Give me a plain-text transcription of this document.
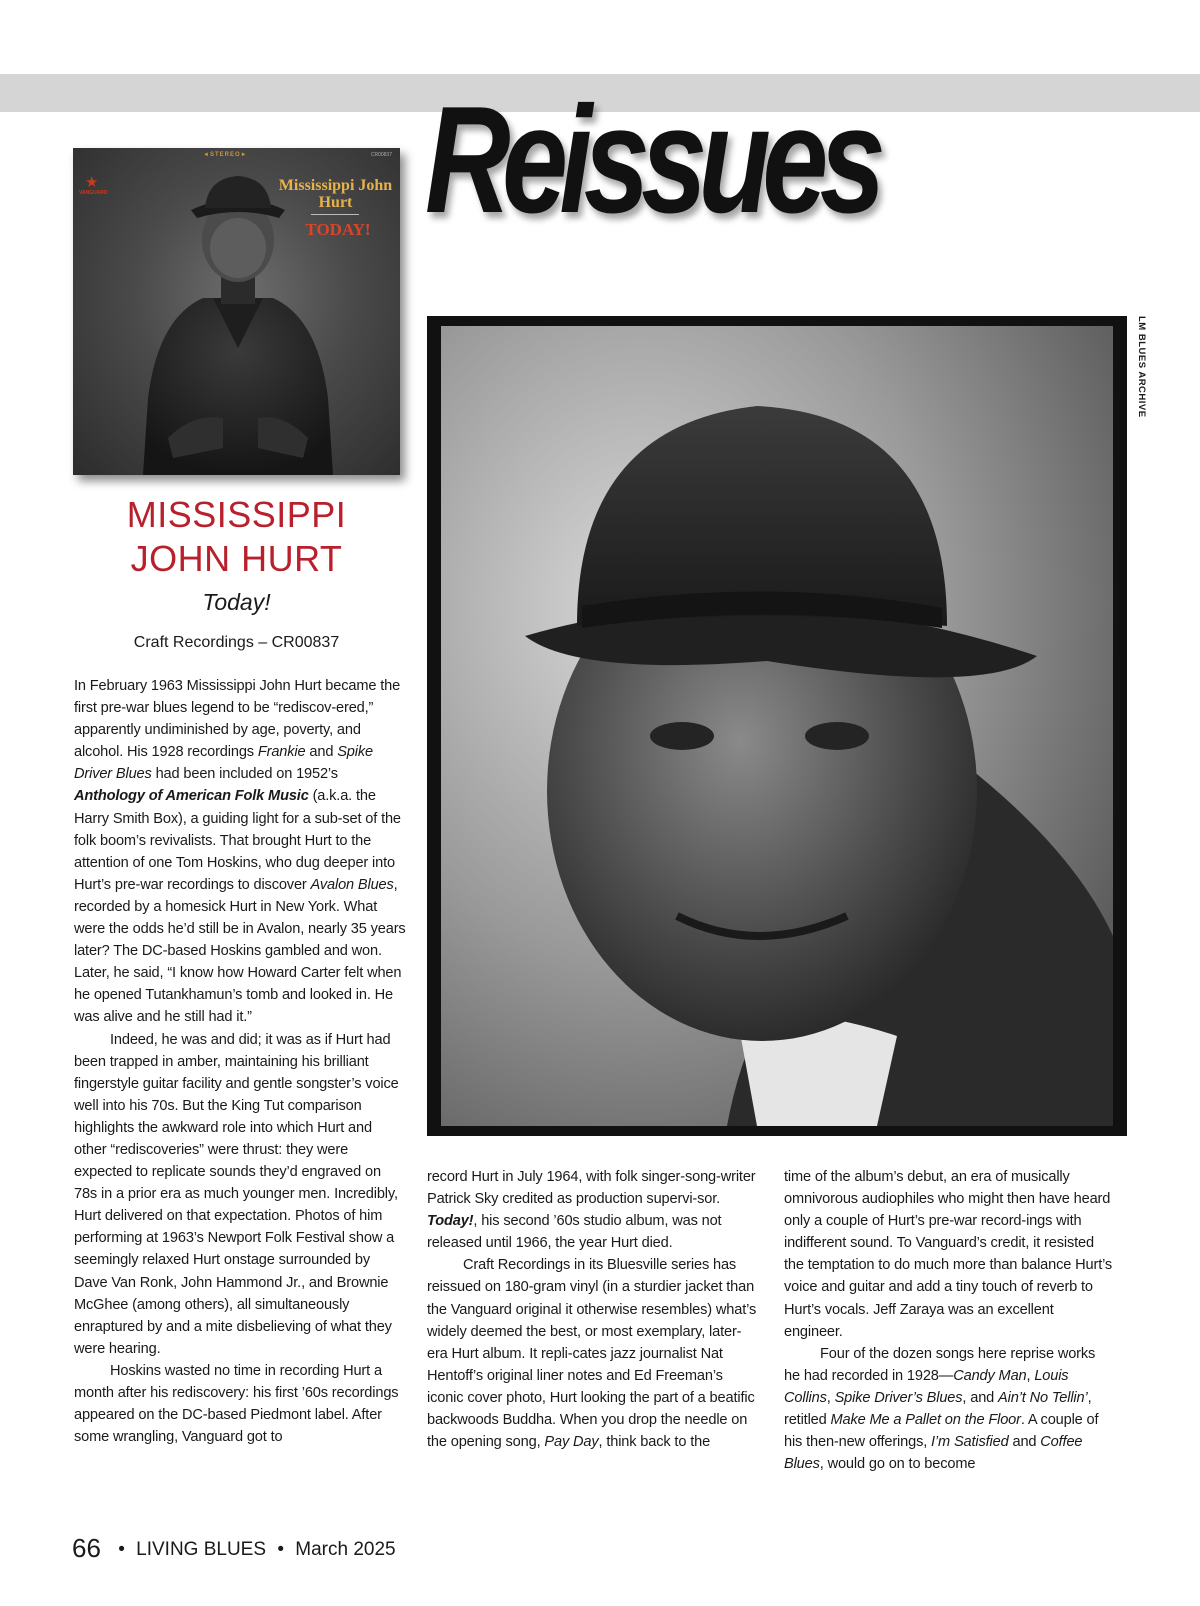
Reissues
◄STEREO►	CR00837
★
VANGUARD	Mississippi John Hurt
TODAY!
MISSISSIPPI JOHN HURT
Today!
Craft Recordings – CR00837

In February 1963 Mississippi John Hurt became the first pre-war blues legend to be “rediscov-ered,” apparently undiminished by age, poverty, and alcohol. His 1928 recordings Frankie and Spike Driver Blues had been included on 1952’s Anthology of American Folk Music (a.k.a. the Harry Smith Box), a guiding light for a sub-set of the folk boom’s revivalists. That brought Hurt to the attention of one Tom Hoskins, who dug deeper into Hurt’s pre-war recordings to discover Avalon Blues, recorded by a homesick Hurt in New York. What were the odds he’d still be in Avalon, nearly 35 years later? The DC-based Hoskins gambled and won. Later, he said, “I know how Howard Carter felt when he opened Tutankhamun’s tomb and looked in. He was alive and he still had it.”

Indeed, he was and did; it was as if Hurt had been trapped in amber, maintaining his brilliant fingerstyle guitar facility and gentle songster’s voice well into his 70s. But the King Tut comparison highlights the awkward role into which Hurt and other “rediscoveries” were thrust: they were expected to replicate sounds they’d engraved on 78s in a prior era as much younger men. Incredibly, Hurt delivered on that expectation. Photos of him performing at 1963’s Newport Folk Festival show a seemingly relaxed Hurt onstage surrounded by Dave Van Ronk, John Hammond Jr., and Brownie McGhee (among others), all simultaneously enraptured by and a mite disbelieving of what they were hearing.

Hoskins wasted no time in recording Hurt a month after his rediscovery: his first ’60s recordings appeared on the DC-based Piedmont label. After some wrangling, Vanguard got to

LM BLUES ARCHIVE

record Hurt in July 1964, with folk singer-song-writer Patrick Sky credited as production supervi-sor. Today!, his second ’60s studio album, was not released until 1966, the year Hurt died.

Craft Recordings in its Bluesville series has reissued on 180-gram vinyl (in a sturdier jacket than the Vanguard original it otherwise resembles) what’s widely deemed the best, or most exemplary, later-era Hurt album. It repli-cates jazz journalist Nat Hentoff’s original liner notes and Ed Freeman’s iconic cover photo, Hurt looking the part of a beatific backwoods Buddha. When you drop the needle on the opening song, Pay Day, think back to the

time of the album’s debut, an era of musically omnivorous audiophiles who might then have heard only a couple of Hurt’s pre-war record-ings with indifferent sound. To Vanguard’s credit, it resisted the temptation to do much more than balance Hurt’s voice and guitar and add a tiny touch of reverb to Hurt’s vocals. Jeff Zaraya was an excellent engineer.

Four of the dozen songs here reprise works he had recorded in 1928—Candy Man, Louis Collins, Spike Driver’s Blues, and Ain’t No Tellin’, retitled Make Me a Pallet on the Floor. A couple of his then-new offerings, I’m Satisfied and Coffee Blues, would go on to become

66 • LIVING BLUES • March 2025
